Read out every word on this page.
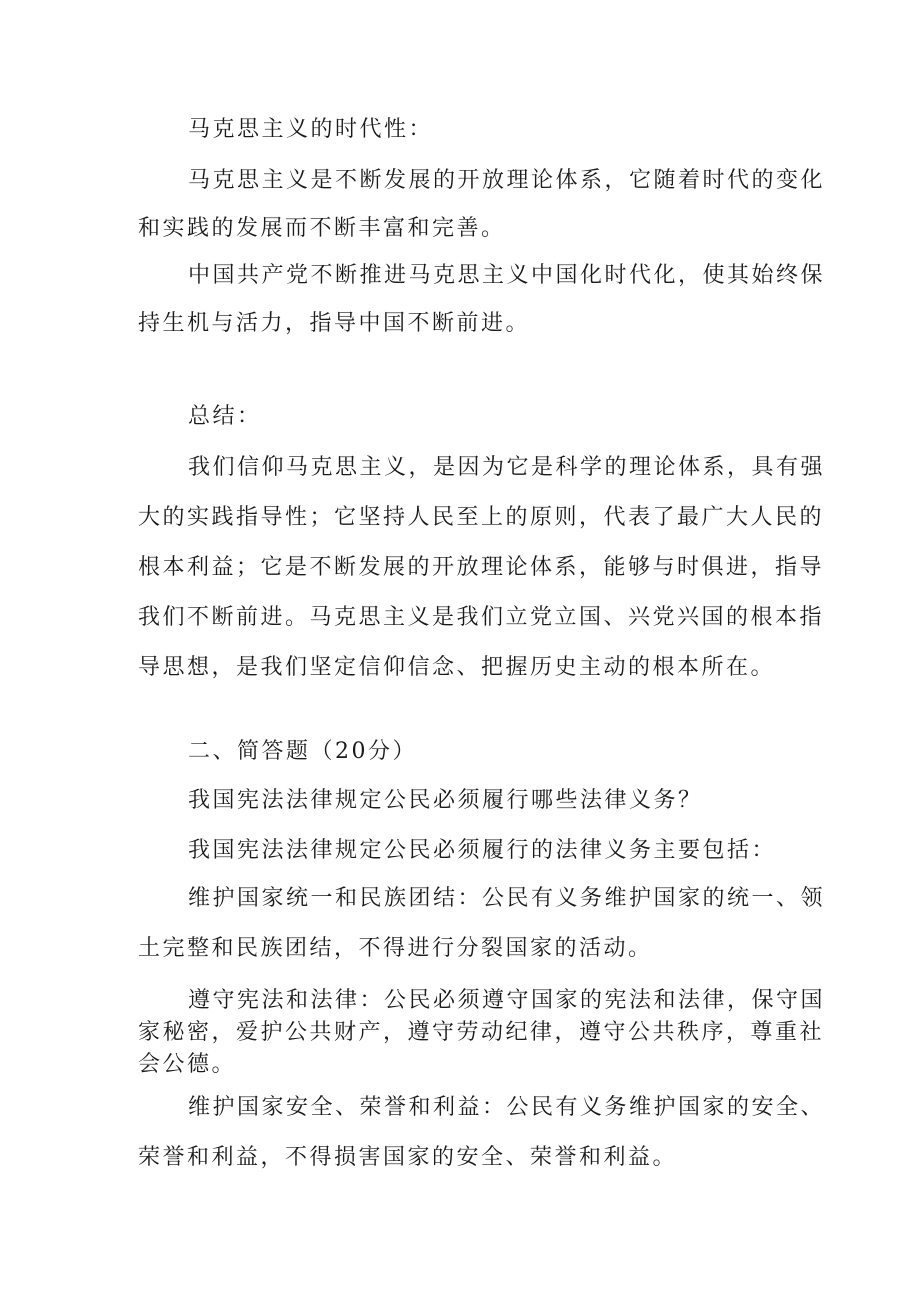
马克思主义的时代性：

马克思主义是不断发展的开放理论体系，它随着时代的变化
和实践的发展而不断丰富和完善。

中国共产党不断推进马克思主义中国化时代化，使其始终保
持生机与活力，指导中国不断前进。

总结：

我们信仰马克思主义，是因为它是科学的理论体系，具有强
大的实践指导性；它坚持人民至上的原则，代表了最广大人民的
根本利益；它是不断发展的开放理论体系，能够与时俱进，指导
我们不断前进。马克思主义是我们立党立国、兴党兴国的根本指
导思想，是我们坚定信仰信念、把握历史主动的根本所在。

二、简答题（20分）

我国宪法法律规定公民必须履行哪些法律义务？

我国宪法法律规定公民必须履行的法律义务主要包括：

维护国家统一和民族团结：公民有义务维护国家的统一、领
土完整和民族团结，不得进行分裂国家的活动。

遵守宪法和法律：公民必须遵守国家的宪法和法律，保守国
家秘密，爱护公共财产，遵守劳动纪律，遵守公共秩序，尊重社
会公德。

维护国家安全、荣誉和利益：公民有义务维护国家的安全、
荣誉和利益，不得损害国家的安全、荣誉和利益。
